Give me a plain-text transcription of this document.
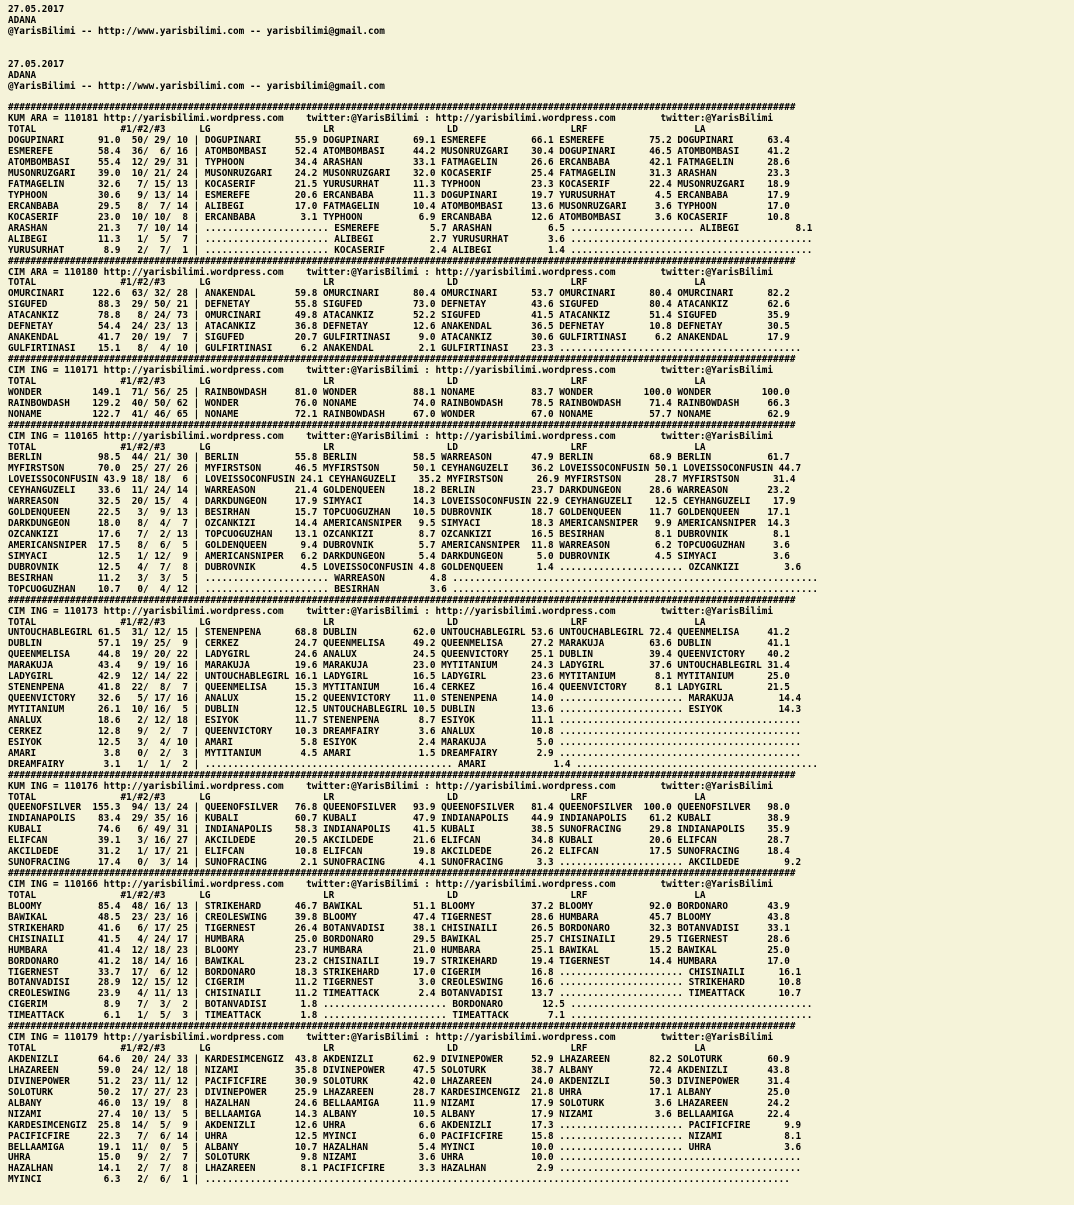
27.05.2017
ADANA
@YarisBilimi -- http://www.yarisbilimi.com -- yarisbilimi@gmail.com
27.05.2017
ADANA
@YarisBilimi -- http://www.yarisbilimi.com -- yarisbilimi@gmail.com
############################################################################################################################################
KUM ARA = 110181 http://yarisbilimi.wordpress.com    twitter:@YarisBilimi : http://yarisbilimi.wordpress.com        twitter:@YarisBilimi
TOTAL               #1/#2/#3      LG                    LR                    LD                    LRF                   LA
DOGUPINARI      91.0  50/ 29/ 10 | DOGUPINARI      55.9 DOGUPINARI      69.1 ESMEREFE        66.1 ESMEREFE        75.2 DOGUPINARI      63.4
ESMEREFE        58.4  36/  6/ 16 | ATOMBOMBASI     52.4 ATOMBOMBASI     44.2 MUSONRUZGARI    30.4 DOGUPINARI      46.5 ATOMBOMBASI     41.2
ATOMBOMBASI     55.4  12/ 29/ 31 | TYPHOON         34.4 ARASHAN         33.1 FATMAGELIN      26.6 ERCANBABA       42.1 FATMAGELIN      28.6
MUSONRUZGARI    39.0  10/ 21/ 24 | MUSONRUZGARI    24.2 MUSONRUZGARI    32.0 KOCASERIF       25.4 FATMAGELIN      31.3 ARASHAN         23.3
FATMAGELIN      32.6   7/ 15/ 13 | KOCASERIF       21.5 YURUSURHAT      11.3 TYPHOON         23.3 KOCASERIF       22.4 MUSONRUZGARI    18.9
TYPHOON         30.6   9/ 13/ 14 | ESMEREFE        20.6 ERCANBABA       11.3 DOGUPINARI      19.7 YURUSURHAT       4.5 ERCANBABA       17.9
ERCANBABA       29.5   8/  7/ 14 | ALIBEGI         17.0 FATMAGELIN      10.4 ATOMBOMBASI     13.6 MUSONRUZGARI     3.6 TYPHOON         17.0
KOCASERIF       23.0  10/ 10/  8 | ERCANBABA        3.1 TYPHOON          6.9 ERCANBABA       12.6 ATOMBOMBASI      3.6 KOCASERIF       10.8
ARASHAN         21.3   7/ 10/ 14 | ...................... ESMEREFE         5.7 ARASHAN          6.5 ...................... ALIBEGI          8.1
ALIBEGI         11.3   1/  5/  7 | ...................... ALIBEGI          2.7 YURUSURHAT       3.6 ...........................................
YURUSURHAT       8.9   2/  7/  1 | ...................... KOCASERIF        2.4 ALIBEGI          1.4 ...........................................
############################################################################################################################################
CIM ARA = 110180 http://yarisbilimi.wordpress.com    twitter:@YarisBilimi : http://yarisbilimi.wordpress.com        twitter:@YarisBilimi
TOTAL               #1/#2/#3      LG                    LR                    LD                    LRF                   LA
OMURCINARI     122.6  63/ 32/ 28 | ANAKENDAL       59.8 OMURCINARI      80.4 OMURCINARI      53.7 OMURCINARI      80.4 OMURCINARI      82.2
SIGUFED         88.3  29/ 50/ 21 | DEFNETAY        55.8 SIGUFED         73.0 DEFNETAY        43.6 SIGUFED         80.4 ATACANKIZ       62.6
ATACANKIZ       78.8   8/ 24/ 73 | OMURCINARI      49.8 ATACANKIZ       52.2 SIGUFED         41.5 ATACANKIZ       51.4 SIGUFED         35.9
DEFNETAY        54.4  24/ 23/ 13 | ATACANKIZ       36.8 DEFNETAY        12.6 ANAKENDAL       36.5 DEFNETAY        10.8 DEFNETAY        30.5
ANAKENDAL       41.7  20/ 19/  7 | SIGUFED         20.7 GULFIRTINASI     9.0 ATACANKIZ       30.6 GULFIRTINASI     6.2 ANAKENDAL       17.9
GULFIRTINASI    15.1   8/  4/ 10 | GULFIRTINASI     6.2 ANAKENDAL        2.1 GULFIRTINASI    23.3 ...........................................
############################################################################################################################################
CIM ING = 110171 http://yarisbilimi.wordpress.com    twitter:@YarisBilimi : http://yarisbilimi.wordpress.com        twitter:@YarisBilimi
TOTAL               #1/#2/#3      LG                    LR                    LD                    LRF                   LA
WONDER         149.1  71/ 56/ 25 | RAINBOWDASH     81.0 WONDER          88.1 NONAME          83.7 WONDER         100.0 WONDER         100.0
RAINBOWDASH    129.2  40/ 50/ 62 | WONDER          76.0 NONAME          74.0 RAINBOWDASH     78.5 RAINBOWDASH     71.4 RAINBOWDASH     66.3
NONAME         122.7  41/ 46/ 65 | NONAME          72.1 RAINBOWDASH     67.0 WONDER          67.0 NONAME          57.7 NONAME          62.9
############################################################################################################################################
CIM ING = 110165 http://yarisbilimi.wordpress.com    twitter:@YarisBilimi : http://yarisbilimi.wordpress.com        twitter:@YarisBilimi
TOTAL               #1/#2/#3      LG                    LR                    LD                    LRF                   LA
BERLIN          98.5  44/ 21/ 30 | BERLIN          55.8 BERLIN          58.5 WARREASON       47.9 BERLIN          68.9 BERLIN          61.7
MYFIRSTSON      70.0  25/ 27/ 26 | MYFIRSTSON      46.5 MYFIRSTSON      50.1 CEYHANGUZELI    36.2 LOVEISSOCONFUSIN 50.1 LOVEISSOCONFUSIN 44.7
LOVEISSOCONFUSIN 43.9 18/ 18/  6 | LOVEISSOCONFUSIN 24.1 CEYHANGUZELI    35.2 MYFIRSTSON      26.9 MYFIRSTSON      28.7 MYFIRSTSON      31.4
CEYHANGUZELI    33.6  11/ 24/ 14 | WARREASON       21.4 GOLDENQUEEN     18.2 BERLIN          23.7 DARKDUNGEON     28.6 WARREASON       23.2
WARREASON       32.5  20/ 15/  4 | DARKDUNGEON     17.9 SIMYACI         14.3 LOVEISSOCONFUSIN 22.9 CEYHANGUZELI    12.5 CEYHANGUZELI    17.9
GOLDENQUEEN     22.5   3/  9/ 13 | BESIRHAN        15.7 TOPCUOGUZHAN    10.5 DUBROVNIK       18.7 GOLDENQUEEN     11.7 GOLDENQUEEN     17.1
DARKDUNGEON     18.0   8/  4/  7 | OZCANKIZI       14.4 AMERICANSNIPER   9.5 SIMYACI         18.3 AMERICANSNIPER   9.9 AMERICANSNIPER  14.3
OZCANKIZI       17.6   7/  2/ 13 | TOPCUOGUZHAN    13.1 OZCANKIZI        8.7 OZCANKIZI       16.5 BESIRHAN         8.1 DUBROVNIK        8.1
AMERICANSNIPER  17.5   8/  6/  5 | GOLDENQUEEN      9.4 DUBROVNIK        5.7 AMERICANSNIPER  11.8 WARREASON        6.2 TOPCUOGUZHAN     3.6
SIMYACI         12.5   1/ 12/  9 | AMERICANSNIPER   6.2 DARKDUNGEON      5.4 DARKDUNGEON      5.0 DUBROVNIK        4.5 SIMYACI          3.6
DUBROVNIK       12.5   4/  7/  8 | DUBROVNIK        4.5 LOVEISSOCONFUSIN 4.8 GOLDENQUEEN      1.4 ...................... OZCANKIZI        3.6
BESIRHAN        11.2   3/  3/  5 | ...................... WARREASON        4.8 .................................................................
TOPCUOGUZHAN    10.7   0/  4/ 12 | ...................... BESIRHAN         3.6 .................................................................
############################################################################################################################################
CIM ING = 110173 http://yarisbilimi.wordpress.com    twitter:@YarisBilimi : http://yarisbilimi.wordpress.com        twitter:@YarisBilimi
TOTAL               #1/#2/#3      LG                    LR                    LD                    LRF                   LA
UNTOUCHABLEGIRL 61.5  31/ 12/ 15 | STENENPENA      68.8 DUBLIN          62.0 UNTOUCHABLEGIRL 53.6 UNTOUCHABLEGIRL 72.4 QUEENMELISA     41.2
DUBLIN          57.1  19/ 25/  9 | CERKEZ          24.7 QUEENMELISA     49.2 QUEENMELISA     27.2 MARAKUJA        63.6 DUBLIN          41.1
QUEENMELISA     44.8  19/ 20/ 22 | LADYGIRL        24.6 ANALUX          24.5 QUEENVICTORY    25.1 DUBLIN          39.4 QUEENVICTORY    40.2
MARAKUJA        43.4   9/ 19/ 16 | MARAKUJA        19.6 MARAKUJA        23.0 MYTITANIUM      24.3 LADYGIRL        37.6 UNTOUCHABLEGIRL 31.4
LADYGIRL        42.9  12/ 14/ 22 | UNTOUCHABLEGIRL 16.1 LADYGIRL        16.5 LADYGIRL        23.6 MYTITANIUM       8.1 MYTITANIUM      25.0
STENENPENA      41.8  22/  8/  7 | QUEENMELISA     15.3 MYTITANIUM      16.4 CERKEZ          16.4 QUEENVICTORY     8.1 LADYGIRL        21.5
QUEENVICTORY    32.6   5/ 17/ 16 | ANALUX          15.2 QUEENVICTORY    11.0 STENENPENA      14.0 ...................... MARAKUJA        14.4
MYTITANIUM      26.1  10/ 16/  5 | DUBLIN          12.5 UNTOUCHABLEGIRL 10.5 DUBLIN          13.6 ...................... ESIYOK          14.3
ANALUX          18.6   2/ 12/ 18 | ESIYOK          11.7 STENENPENA       8.7 ESIYOK          11.1 ...........................................
CERKEZ          12.8   9/  2/  7 | QUEENVICTORY    10.3 DREAMFAIRY       3.6 ANALUX          10.8 ...........................................
ESIYOK          12.5   3/  4/ 10 | AMARI            5.8 ESIYOK           2.4 MARAKUJA         5.0 ...........................................
AMARI            3.8   0/  2/  3 | MYTITANIUM       4.5 AMARI            1.5 DREAMFAIRY       2.9 ...........................................
DREAMFAIRY       3.1   1/  1/  2 | ............................................ AMARI            1.4 ...........................................
############################################################################################################################################
KUM ING = 110176 http://yarisbilimi.wordpress.com    twitter:@YarisBilimi : http://yarisbilimi.wordpress.com        twitter:@YarisBilimi
TOTAL               #1/#2/#3      LG                    LR                    LD                    LRF                   LA
QUEENOFSILVER  155.3  94/ 13/ 24 | QUEENOFSILVER   76.8 QUEENOFSILVER   93.9 QUEENOFSILVER   81.4 QUEENOFSILVER  100.0 QUEENOFSILVER   98.0
INDIANAPOLIS    83.4  29/ 35/ 16 | KUBALI          60.7 KUBALI          47.9 INDIANAPOLIS    44.9 INDIANAPOLIS    61.2 KUBALI          38.9
KUBALI          74.6   6/ 49/ 31 | INDIANAPOLIS    58.3 INDIANAPOLIS    41.5 KUBALI          38.5 SUNOFRACING     29.8 INDIANAPOLIS    35.9
ELIFCAN         39.1   3/ 16/ 27 | AKCILDEDE       20.5 AKCILDEDE       21.6 ELIFCAN         34.8 KUBALI          20.6 ELIFCAN         28.7
AKCILDEDE       31.2   1/ 17/ 21 | ELIFCAN         10.8 ELIFCAN         19.8 AKCILDEDE       26.2 ELIFCAN         17.5 SUNOFRACING     18.4
SUNOFRACING     17.4   0/  3/ 14 | SUNOFRACING      2.1 SUNOFRACING      4.1 SUNOFRACING      3.3 ...................... AKCILDEDE        9.2
############################################################################################################################################
CIM ING = 110166 http://yarisbilimi.wordpress.com    twitter:@YarisBilimi : http://yarisbilimi.wordpress.com        twitter:@YarisBilimi
TOTAL               #1/#2/#3      LG                    LR                    LD                    LRF                   LA
BLOOMY          85.4  48/ 16/ 13 | STRIKEHARD      46.7 BAWIKAL         51.1 BLOOMY          37.2 BLOOMY          92.0 BORDONARO       43.9
BAWIKAL         48.5  23/ 23/ 16 | CREOLESWING     39.8 BLOOMY          47.4 TIGERNEST       28.6 HUMBARA         45.7 BLOOMY          43.8
STRIKEHARD      41.6   6/ 17/ 25 | TIGERNEST       26.4 BOTANVADISI     38.1 CHISINAILI      26.5 BORDONARO       32.3 BOTANVADISI     33.1
CHISINAILI      41.5   4/ 24/ 17 | HUMBARA         25.0 BORDONARO       29.5 BAWIKAL         25.7 CHISINAILI      29.5 TIGERNEST       28.6
HUMBARA         41.4  12/ 18/ 23 | BLOOMY          23.7 HUMBARA         21.0 HUMBARA         25.1 BAWIKAL         15.2 BAWIKAL         25.0
BORDONARO       41.2  18/ 14/ 16 | BAWIKAL         23.2 CHISINAILI      19.7 STRIKEHARD      19.4 TIGERNEST       14.4 HUMBARA         17.0
TIGERNEST       33.7  17/  6/ 12 | BORDONARO       18.3 STRIKEHARD      17.0 CIGERIM         16.8 ...................... CHISINAILI      16.1
BOTANVADISI     28.9  12/ 15/ 12 | CIGERIM         11.2 TIGERNEST        3.0 CREOLESWING     16.6 ...................... STRIKEHARD      10.8
CREOLESWING     23.9   4/ 11/ 13 | CHISINAILI      11.2 TIMEATTACK       2.4 BOTANVADISI     13.7 ...................... TIMEATTACK      10.7
CIGERIM          8.9   7/  3/  2 | BOTANVADISI      1.8 ...................... BORDONARO       12.5 ...........................................
TIMEATTACK       6.1   1/  5/  3 | TIMEATTACK       1.8 ...................... TIMEATTACK       7.1 ...........................................
############################################################################################################################################
CIM ING = 110179 http://yarisbilimi.wordpress.com    twitter:@YarisBilimi : http://yarisbilimi.wordpress.com        twitter:@YarisBilimi
TOTAL               #1/#2/#3      LG                    LR                    LD                    LRF                   LA
AKDENIZLI       64.6  20/ 24/ 33 | KARDESIMCENGIZ  43.8 AKDENIZLI       62.9 DIVINEPOWER     52.9 LHAZAREEN       82.2 SOLOTURK        60.9
LHAZAREEN       59.0  24/ 12/ 18 | NIZAMI          35.8 DIVINEPOWER     47.5 SOLOTURK        38.7 ALBANY          72.4 AKDENIZLI       43.8
DIVINEPOWER     51.2  23/ 11/ 12 | PACIFICFIRE     30.9 SOLOTURK        42.0 LHAZAREEN       24.0 AKDENIZLI       50.3 DIVINEPOWER     31.4
SOLOTURK        50.2  17/ 27/ 23 | DIVINEPOWER     25.9 LHAZAREEN       28.7 KARDESIMCENGIZ  21.8 UHRA            17.1 ALBANY          25.0
ALBANY          46.0  13/ 19/  8 | HAZALHAN        24.6 BELLAAMIGA      11.9 NIZAMI          17.9 SOLOTURK         3.6 LHAZAREEN       24.2
NIZAMI          27.4  10/ 13/  5 | BELLAAMIGA      14.3 ALBANY          10.5 ALBANY          17.9 NIZAMI           3.6 BELLAAMIGA      22.4
KARDESIMCENGIZ  25.8  14/  5/  9 | AKDENIZLI       12.6 UHRA             6.6 AKDENIZLI       17.3 ...................... PACIFICFIRE      9.9
PACIFICFIRE     22.3   7/  6/ 14 | UHRA            12.5 MYINCI           6.0 PACIFICFIRE     15.8 ...................... NIZAMI           8.1
BELLAAMIGA      19.1  11/  0/  5 | ALBANY          10.7 HAZALHAN         5.4 MYINCI          10.0 ...................... UHRA             3.6
UHRA            15.0   9/  2/  7 | SOLOTURK         9.8 NIZAMI           3.6 UHRA            10.0 ...........................................
HAZALHAN        14.1   2/  7/  8 | LHAZAREEN        8.1 PACIFICFIRE      3.3 HAZALHAN         2.9 ...........................................
MYINCI           6.3   2/  6/  1 | ........................................................................................................
